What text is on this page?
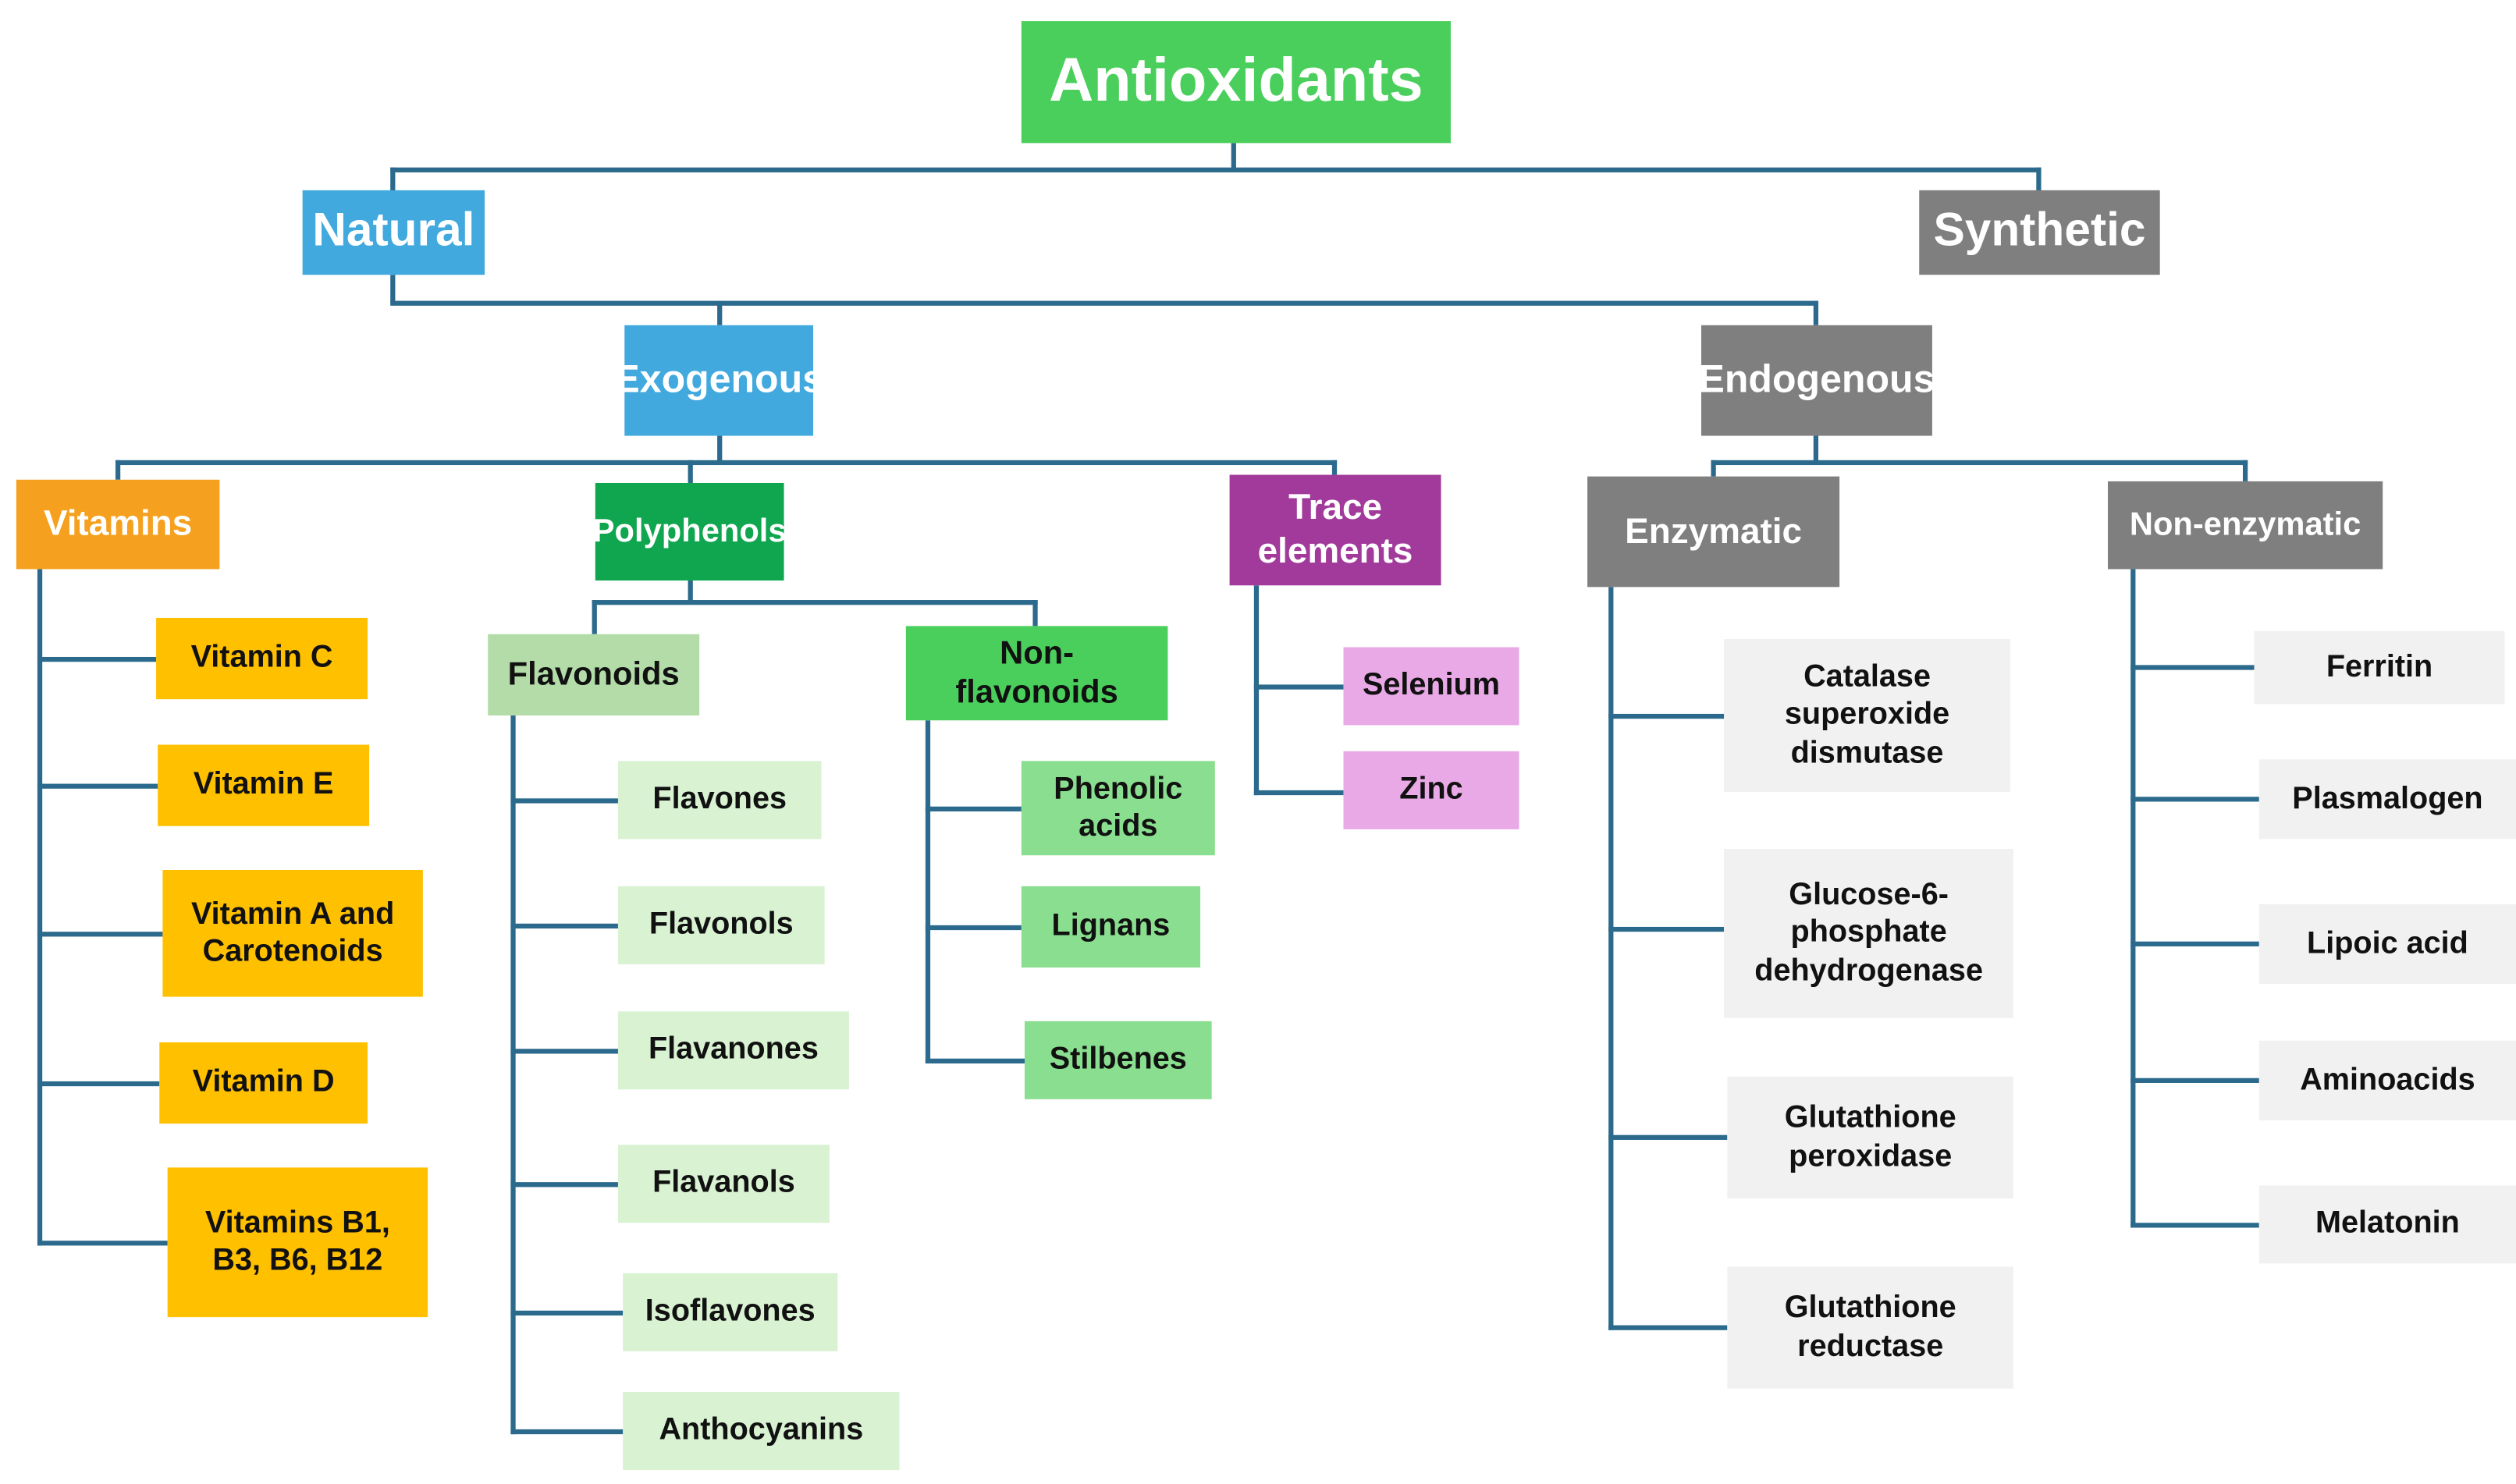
Antioxidants
Natural	Synthetic
Exogenous	Endogenous
Vitamins	Polyphenols
Trace elements	Enzymatic	Non-enzymatic
Vitamin C
Vitamin E
Vitamin A and Carotenoids
Vitamin D
Vitamins B1, B3, B6, B12
Flavonoids
Non-flavonoids
Flavones
Flavonols
Flavanones
Flavanols
Isoflavones
Anthocyanins
Phenolic acids
Lignans
Stilbenes
Selenium
Zinc
Catalase superoxide dismutase
Glucose-6-phosphate dehydrogenase
Glutathione peroxidase
Glutathione reductase
Ferritin
Plasmalogen
Lipoic acid
Aminoacids
Melatonin
